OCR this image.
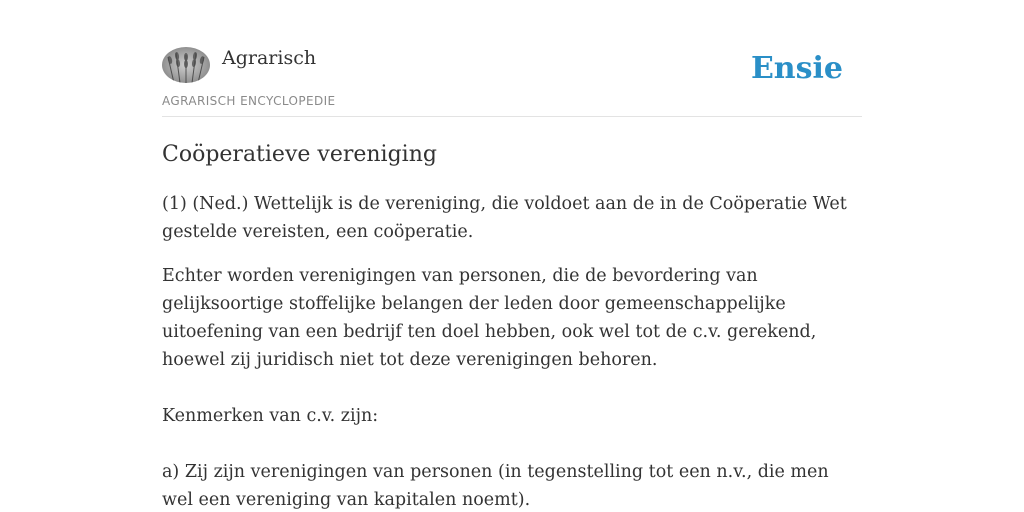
Agrarisch
AGRARISCH ENCYCLOPEDIE
Ensie
Coöperatieve vereniging

(1) (Ned.) Wettelijk is de vereniging, die voldoet aan de in de Coöperatie Wet gestelde vereisten, een coöperatie.

Echter worden verenigingen van personen, die de bevordering van gelijksoortige stoffelijke belangen der leden door gemeenschappelijke uitoefening van een bedrijf ten doel hebben, ook wel tot de c.v. gerekend, hoewel zij juridisch niet tot deze verenigingen behoren.

Kenmerken van c.v. zijn:

a) Zij zijn verenigingen van personen (in tegenstelling tot een n.v., die men wel een vereniging van kapitalen noemt).
